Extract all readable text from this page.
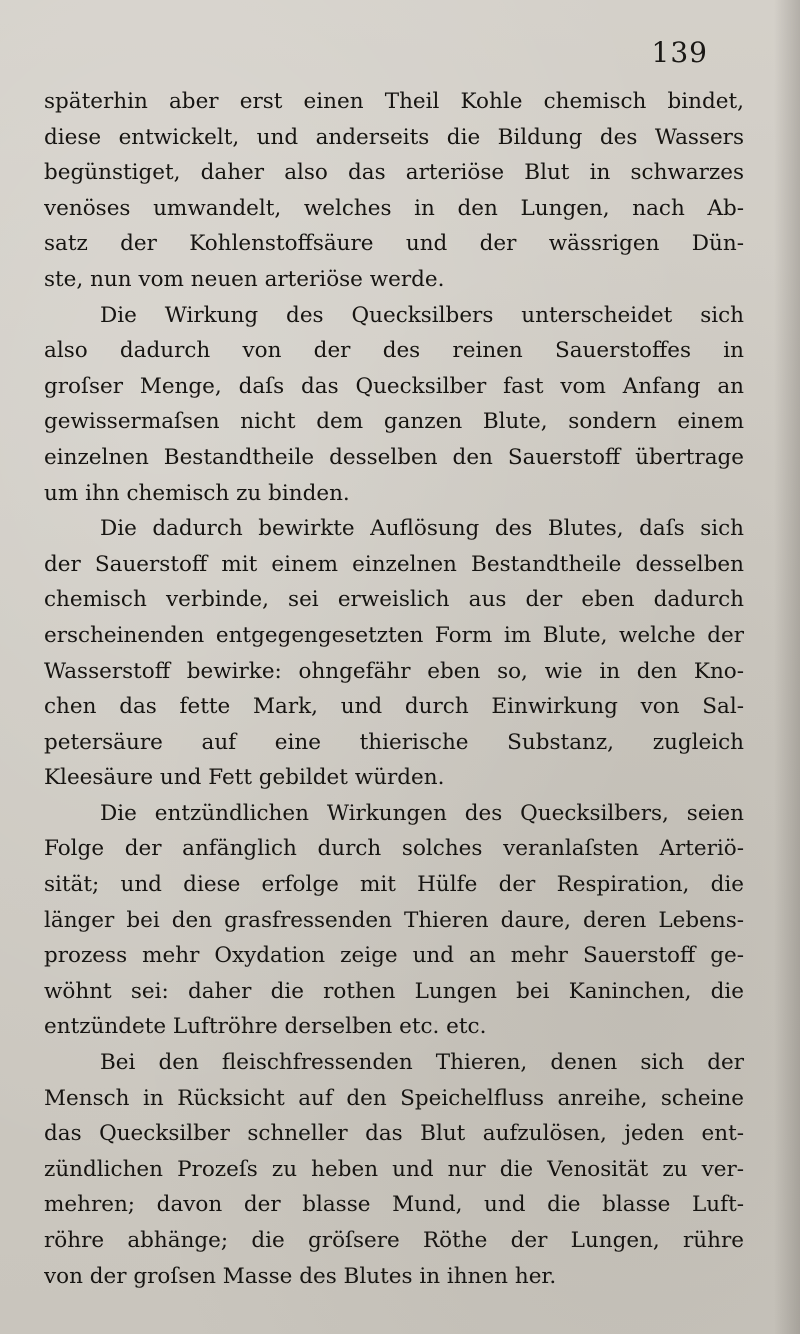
139
späterhin aber erst einen Theil Kohle chemisch bindet,
diese entwickelt, und anderseits die Bildung des Wassers
begünstiget, daher also das arteriöse Blut in schwarzes
venöses umwandelt, welches in den Lungen, nach Ab-
satz der Kohlenstoffsäure und der wässrigen Dün-
ste, nun vom neuen arteriöse werde.
Die Wirkung des Quecksilbers unterscheidet sich
also dadurch von der des reinen Sauerstoffes in
groſser Menge, daſs das Quecksilber fast vom Anfang an
gewissermaſsen nicht dem ganzen Blute, sondern einem
einzelnen Bestandtheile desselben den Sauerstoff übertrage
um ihn chemisch zu binden.
Die dadurch bewirkte Auflösung des Blutes, daſs sich
der Sauerstoff mit einem einzelnen Bestandtheile desselben
chemisch verbinde, sei erweislich aus der eben dadurch
erscheinenden entgegengesetzten Form im Blute, welche der
Wasserstoff bewirke: ohngefähr eben so, wie in den Kno-
chen das fette Mark, und durch Einwirkung von Sal-
petersäure auf eine thierische Substanz, zugleich
Kleesäure und Fett gebildet würden.
Die entzündlichen Wirkungen des Quecksilbers, seien
Folge der anfänglich durch solches veranlaſsten Arteriö-
sität; und diese erfolge mit Hülfe der Respiration, die
länger bei den grasfressenden Thieren daure, deren Lebens-
prozess mehr Oxydation zeige und an mehr Sauerstoff ge-
wöhnt sei: daher die rothen Lungen bei Kaninchen, die
entzündete Luftröhre derselben etc. etc.
Bei den fleischfressenden Thieren, denen sich der
Mensch in Rücksicht auf den Speichelfluss anreihe, scheine
das Quecksilber schneller das Blut aufzulösen, jeden ent-
zündlichen Prozeſs zu heben und nur die Venosität zu ver-
mehren; davon der blasse Mund, und die blasse Luft-
röhre abhänge; die gröſsere Röthe der Lungen, rühre
von der groſsen Masse des Blutes in ihnen her.
